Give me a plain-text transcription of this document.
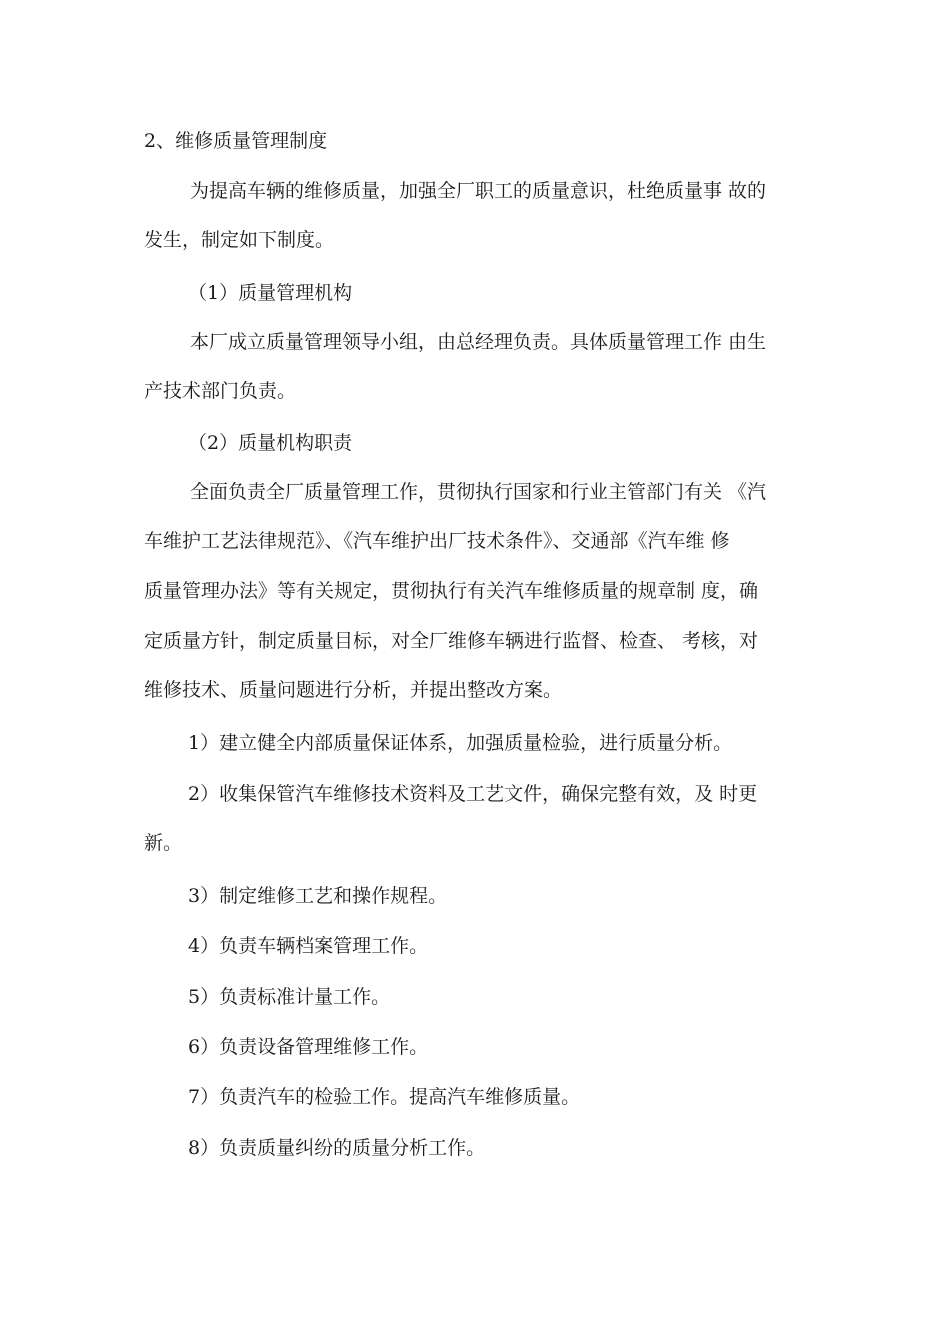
2、维修质量管理制度
为提高车辆的维修质量，加强全厂职工的质量意识，杜绝质量事 故的
发生，制定如下制度。
（1）质量管理机构
本厂成立质量管理领导小组，由总经理负责。具体质量管理工作 由生
产技术部门负责。
（2）质量机构职责
全面负责全厂质量管理工作，贯彻执行国家和行业主管部门有关 《汽
车维护工艺法律规范》、《汽车维护出厂技术条件》、交通部《汽车维 修
质量管理办法》等有关规定，贯彻执行有关汽车维修质量的规章制 度，确
定质量方针，制定质量目标，对全厂维修车辆进行监督、检查、 考核，对
维修技术、质量问题进行分析，并提出整改方案。
1）建立健全内部质量保证体系，加强质量检验，进行质量分析。
2）收集保管汽车维修技术资料及工艺文件，确保完整有效，及 时更
新。
3）制定维修工艺和操作规程。
4）负责车辆档案管理工作。
5）负责标准计量工作。
6）负责设备管理维修工作。
7）负责汽车的检验工作。提高汽车维修质量。
8）负责质量纠纷的质量分析工作。
